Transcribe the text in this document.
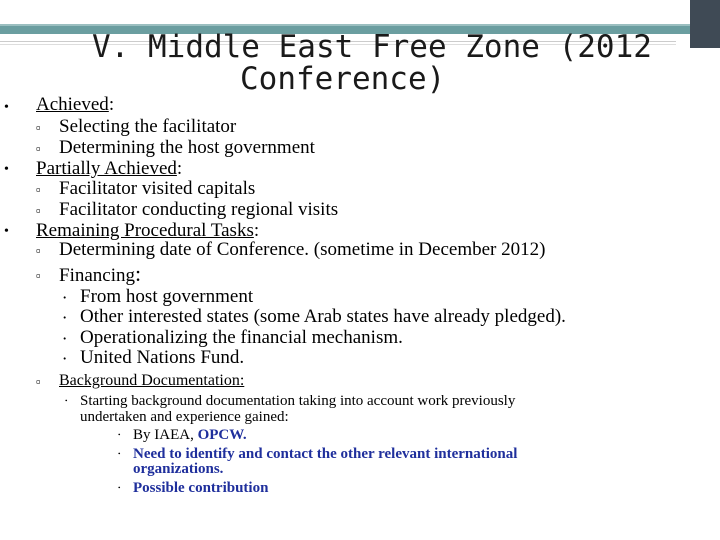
V. Middle East Free Zone (2012
Conference)
• Achieved:
▫ Selecting the facilitator
▫ Determining the host government
• Partially Achieved:
▫ Facilitator visited capitals
▫ Facilitator conducting regional visits
• Remaining Procedural Tasks:
▫ Determining date of Conference. (sometime in December 2012)
▫ Financing:
⋅ From host government
⋅ Other interested states (some Arab states have already pledged).
⋅ Operationalizing the financial mechanism.
⋅ United Nations Fund.
▫ Background Documentation:
⋅ Starting background documentation taking into account work previously
undertaken and experience gained:
⋅ By IAEA, OPCW.
⋅ Need to identify and contact the other relevant international
organizations.
⋅ Possible contribution
